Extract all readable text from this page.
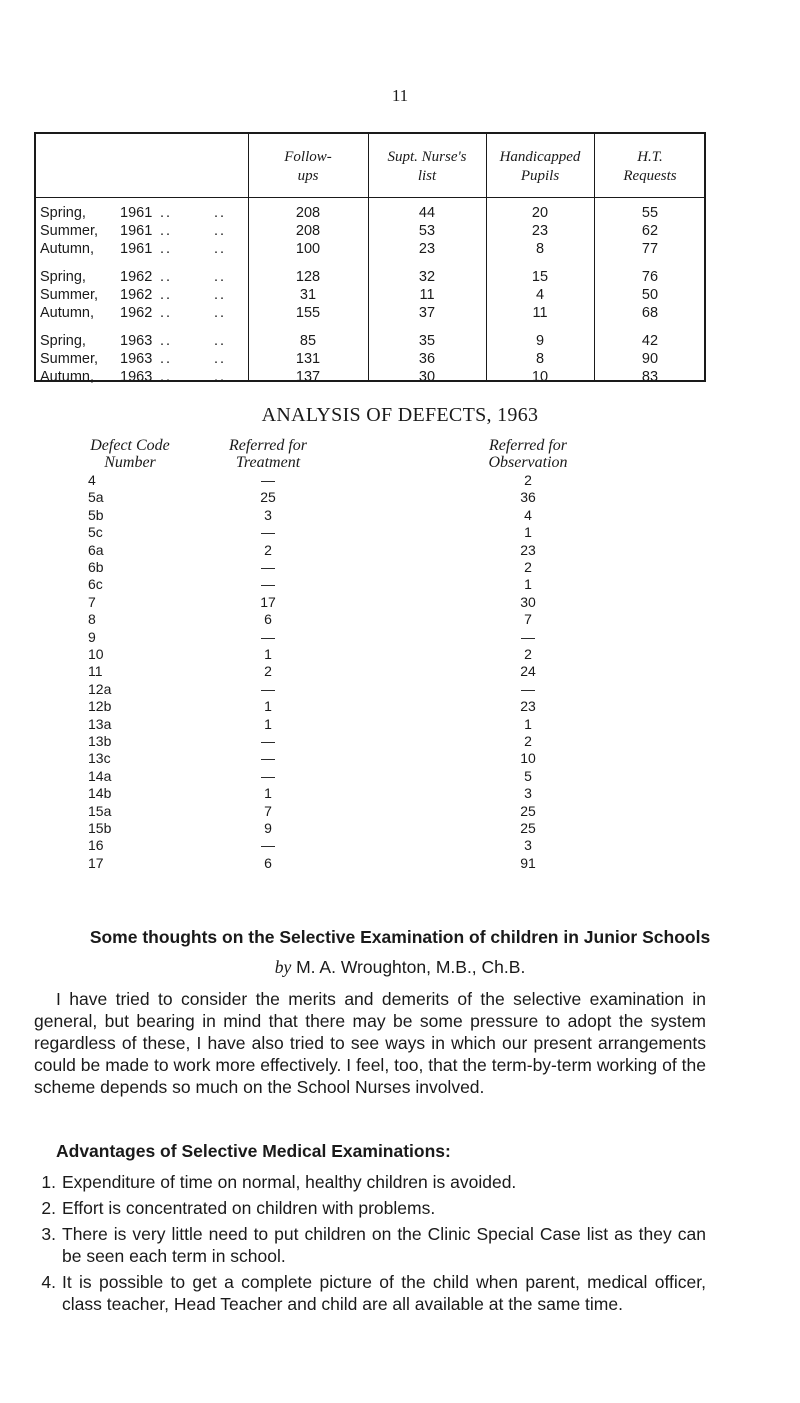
11
Follow-
ups
Supt. Nurse's
list
Handicapped
Pupils
H.T.
Requests
Spring, 1961 ..	..	208	44	20	55
Summer, 1961 ..	..	208	53	23	62
Autumn, 1961 ..	..	100	23	8	77
Spring, 1962 ..	..	128	32	15	76
Summer, 1962 ..	..	31	11	4	50
Autumn, 1962 ..	..	155	37	11	68
Spring, 1963 ..	..	85	35	9	42
Summer, 1963 ..	..	131	36	8	90
Autumn, 1963 ..	..	137	30	10	83
ANALYSIS OF DEFECTS, 1963
Defect Code
Number
Referred for
Treatment
Referred for
Observation
4	—	2
5a	25	36
5b	3	4
5c	—	1
6a	2	23
6b	—	2
6c	—	1
7	17	30
8	6	7
9	—	—
10	1	2
11	2	24
12a	—	—
12b	1	23
13a	1	1
13b	—	2
13c	—	10
14a	—	5
14b	1	3
15a	7	25
15b	9	25
16	—	3
17	6	91
Some thoughts on the Selective Examination of children in Junior Schools
by M. A. Wroughton, M.B., Ch.B.
I have tried to consider the merits and demerits of the selective examination in general, but bearing in mind that there may be some pressure to adopt the system regardless of these, I have also tried to see ways in which our present arrangements could be made to work more effectively. I feel, too, that the term-by-term working of the scheme depends so much on the School Nurses involved.
Advantages of Selective Medical Examinations:
1. Expenditure of time on normal, healthy children is avoided.
2. Effort is concentrated on children with problems.
3. There is very little need to put children on the Clinic Special Case list as they can be seen each term in school.
4. It is possible to get a complete picture of the child when parent, medical officer, class teacher, Head Teacher and child are all available at the same time.
